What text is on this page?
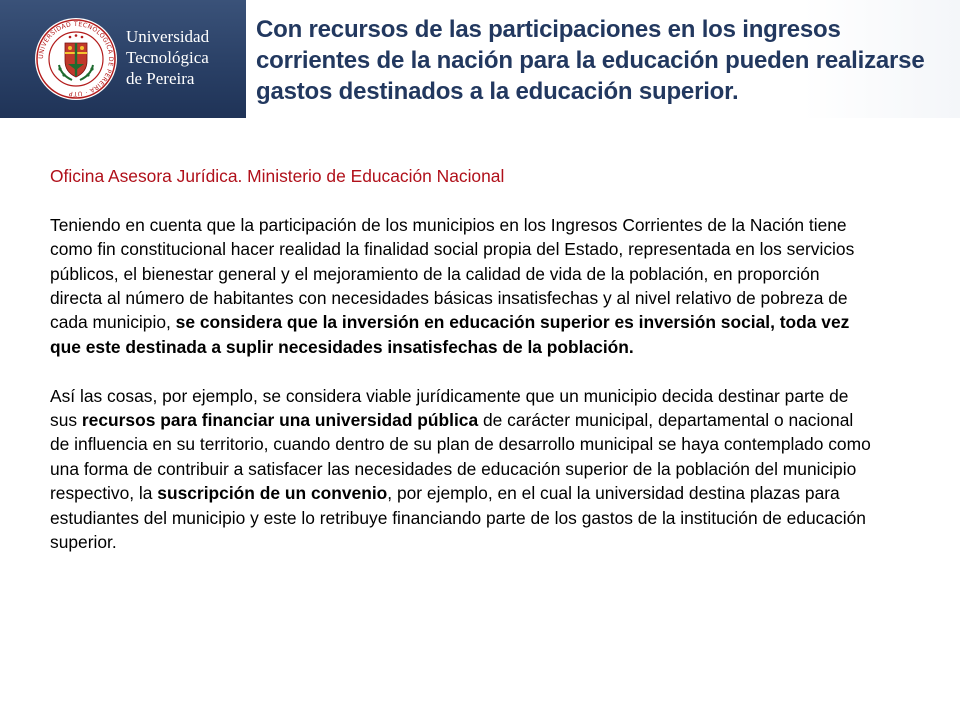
UNIVERSIDAD TECNOLÓGICA DE PEREIRA · UTP
Universidad
Tecnológica
de Pereira
Con recursos de las participaciones en los ingresos corrientes de la nación para la educación pueden realizarse gastos destinados a la educación superior.

Oficina Asesora Jurídica. Ministerio de Educación Nacional

Teniendo en cuenta que la participación de los municipios en los Ingresos Corrientes de la Nación tiene como fin constitucional hacer realidad la finalidad social propia del Estado, representada en los servicios públicos, el bienestar general y el mejoramiento de la calidad de vida de la población, en proporción directa al número de habitantes con necesidades básicas insatisfechas y al nivel relativo de pobreza de cada municipio, se considera que la inversión en educación superior es inversión social, toda vez que este destinada a suplir necesidades insatisfechas de la población.

Así las cosas, por ejemplo, se considera viable jurídicamente que un municipio decida destinar parte de sus recursos para financiar una universidad pública de carácter municipal, departamental o nacional de influencia en su territorio, cuando dentro de su plan de desarrollo municipal se haya contemplado como una forma de contribuir a satisfacer las necesidades de educación superior de la población del municipio respectivo, la suscripción de un convenio, por ejemplo, en el cual la universidad destina plazas para estudiantes del municipio y este lo retribuye financiando parte de los gastos de la institución de educación superior.
